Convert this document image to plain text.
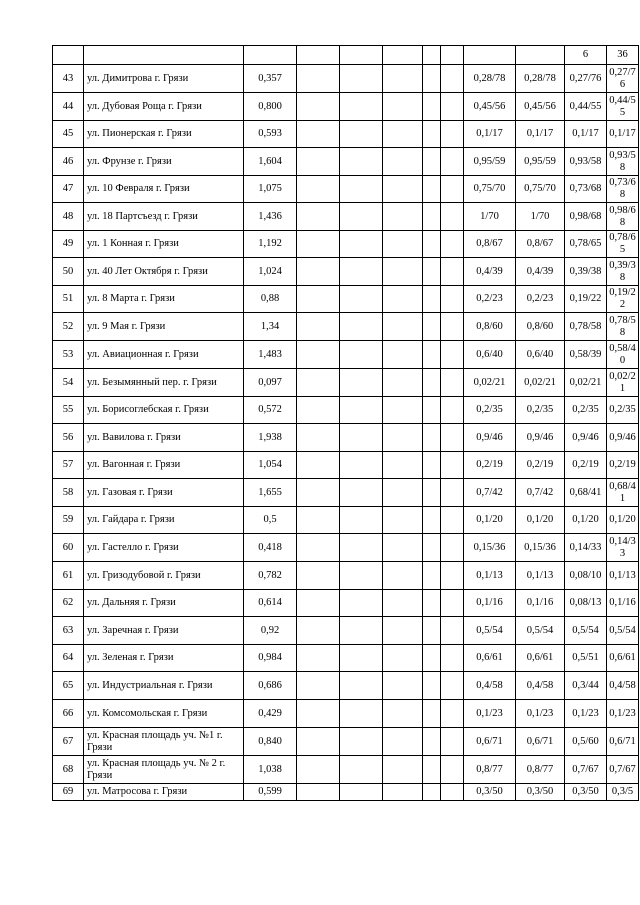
										6	36
43	ул. Димитрова г. Грязи	0,357						0,28/78	0,28/78	0,27/76	0,27/76
44	ул. Дубовая Роща г. Грязи	0,800						0,45/56	0,45/56	0,44/55	0,44/55
45	ул. Пионерская г. Грязи	0,593						0,1/17	0,1/17	0,1/17	0,1/17
46	ул. Фрунзе г. Грязи	1,604						0,95/59	0,95/59	0,93/58	0,93/58
47	ул. 10 Февраля г. Грязи	1,075						0,75/70	0,75/70	0,73/68	0,73/68
48	ул. 18 Партсъезд г. Грязи	1,436						1/70	1/70	0,98/68	0,98/68
49	ул. 1 Конная г. Грязи	1,192						0,8/67	0,8/67	0,78/65	0,78/65
50	ул. 40 Лет Октября г. Грязи	1,024						0,4/39	0,4/39	0,39/38	0,39/38
51	ул. 8 Марта г. Грязи	0,88						0,2/23	0,2/23	0,19/22	0,19/22
52	ул. 9 Мая г. Грязи	1,34						0,8/60	0,8/60	0,78/58	0,78/58
53	ул. Авиационная г. Грязи	1,483						0,6/40	0,6/40	0,58/39	0,58/40
54	ул. Безымянный пер. г. Грязи	0,097						0,02/21	0,02/21	0,02/21	0,02/21
55	ул. Борисоглебская г. Грязи	0,572						0,2/35	0,2/35	0,2/35	0,2/35
56	ул. Вавилова г. Грязи	1,938						0,9/46	0,9/46	0,9/46	0,9/46
57	ул. Вагонная г. Грязи	1,054						0,2/19	0,2/19	0,2/19	0,2/19
58	ул. Газовая г. Грязи	1,655						0,7/42	0,7/42	0,68/41	0,68/41
59	ул. Гайдара г. Грязи	0,5						0,1/20	0,1/20	0,1/20	0,1/20
60	ул. Гастелло г. Грязи	0,418						0,15/36	0,15/36	0,14/33	0,14/33
61	ул. Гризодубовой г. Грязи	0,782						0,1/13	0,1/13	0,08/10	0,1/13
62	ул. Дальняя г. Грязи	0,614						0,1/16	0,1/16	0,08/13	0,1/16
63	ул. Заречная г. Грязи	0,92						0,5/54	0,5/54	0,5/54	0,5/54
64	ул. Зеленая г. Грязи	0,984						0,6/61	0,6/61	0,5/51	0,6/61
65	ул. Индустриальная г. Грязи	0,686						0,4/58	0,4/58	0,3/44	0,4/58
66	ул. Комсомольская г. Грязи	0,429						0,1/23	0,1/23	0,1/23	0,1/23
67	ул. Красная площадь уч. №1 г. Грязи	0,840						0,6/71	0,6/71	0,5/60	0,6/71
68	ул. Красная площадь уч. № 2 г. Грязи	1,038						0,8/77	0,8/77	0,7/67	0,7/67
69	ул. Матросова г. Грязи	0,599						0,3/50	0,3/50	0,3/50	0,3/5
